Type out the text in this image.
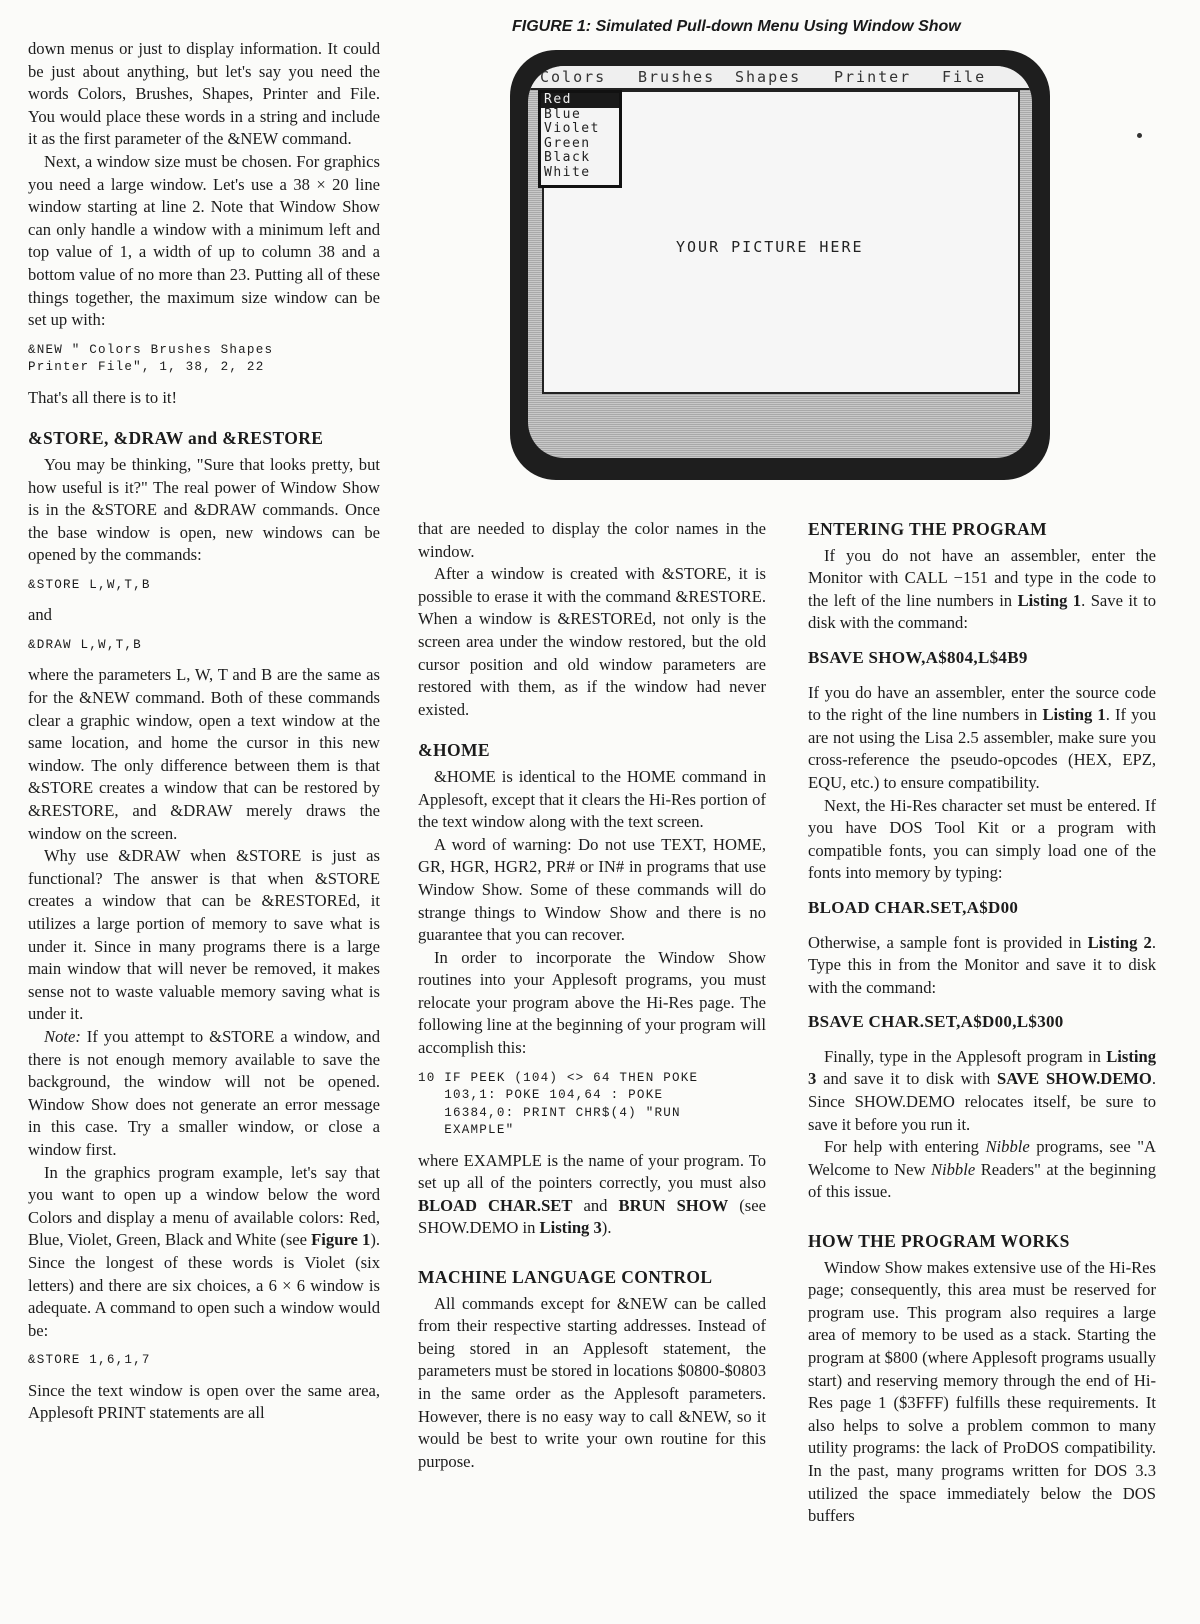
FIGURE 1: Simulated Pull-down Menu Using Window Show
Colors Brushes Shapes Printer File
YOUR PICTURE HERE
Red
Blue
Violet
Green
Black
White

down menus or just to display information. It could be just about anything, but let's say you need the words Colors, Brushes, Shapes, Printer and File. You would place these words in a string and include it as the first parameter of the &NEW command.

Next, a window size must be chosen. For graphics you need a large window. Let's use a 38 × 20 line window starting at line 2. Note that Window Show can only handle a window with a minimum left and top value of 1, a width of up to column 38 and a bottom value of no more than 23. Putting all of these things together, the maximum size window can be set up with:

&NEW " Colors Brushes Shapes
Printer File", 1, 38, 2, 22

That's all there is to it!

&STORE, &DRAW and &RESTORE

You may be thinking, "Sure that looks pretty, but how useful is it?" The real power of Window Show is in the &STORE and &DRAW commands. Once the base window is open, new windows can be opened by the commands:

&STORE L,W,T,B

and

&DRAW L,W,T,B

where the parameters L, W, T and B are the same as for the &NEW command. Both of these commands clear a graphic window, open a text window at the same location, and home the cursor in this new window. The only difference between them is that &STORE creates a window that can be restored by &RESTORE, and &DRAW merely draws the window on the screen.

Why use &DRAW when &STORE is just as functional? The answer is that when &STORE creates a window that can be &RESTOREd, it utilizes a large portion of memory to save what is under it. Since in many programs there is a large main window that will never be removed, it makes sense not to waste valuable memory saving what is under it.

Note: If you attempt to &STORE a window, and there is not enough memory available to save the background, the window will not be opened. Window Show does not generate an error message in this case. Try a smaller window, or close a window first.

In the graphics program example, let's say that you want to open up a window below the word Colors and display a menu of available colors: Red, Blue, Violet, Green, Black and White (see Figure 1). Since the longest of these words is Violet (six letters) and there are six choices, a 6 × 6 window is adequate. A command to open such a window would be:

&STORE 1,6,1,7

Since the text window is open over the same area, Applesoft PRINT statements are all

that are needed to display the color names in the window.

After a window is created with &STORE, it is possible to erase it with the command &RESTORE. When a window is &RESTOREd, not only is the screen area under the window restored, but the old cursor position and old window parameters are restored with them, as if the window had never existed.

&HOME

&HOME is identical to the HOME command in Applesoft, except that it clears the Hi-Res portion of the text window along with the text screen.

A word of warning: Do not use TEXT, HOME, GR, HGR, HGR2, PR# or IN# in programs that use Window Show. Some of these commands will do strange things to Window Show and there is no guarantee that you can recover.

In order to incorporate the Window Show routines into your Applesoft programs, you must relocate your program above the Hi-Res page. The following line at the beginning of your program will accomplish this:

10 IF PEEK (104) <> 64 THEN POKE
103,1: POKE 104,64 : POKE
16384,0: PRINT CHR$(4) "RUN
EXAMPLE"

where EXAMPLE is the name of your program. To set up all of the pointers correctly, you must also BLOAD CHAR.SET and BRUN SHOW (see SHOW.DEMO in Listing 3).

MACHINE LANGUAGE CONTROL

All commands except for &NEW can be called from their respective starting addresses. Instead of being stored in an Applesoft statement, the parameters must be stored in locations $0800-$0803 in the same order as the Applesoft parameters. However, there is no easy way to call &NEW, so it would be best to write your own routine for this purpose.

ENTERING THE PROGRAM

If you do not have an assembler, enter the Monitor with CALL −151 and type in the code to the left of the line numbers in Listing 1. Save it to disk with the command:

BSAVE SHOW,A$804,L$4B9

If you do have an assembler, enter the source code to the right of the line numbers in Listing 1. If you are not using the Lisa 2.5 assembler, make sure you cross-reference the pseudo-opcodes (HEX, EPZ, EQU, etc.) to ensure compatibility.

Next, the Hi-Res character set must be entered. If you have DOS Tool Kit or a program with compatible fonts, you can simply load one of the fonts into memory by typing:

BLOAD CHAR.SET,A$D00

Otherwise, a sample font is provided in Listing 2. Type this in from the Monitor and save it to disk with the command:

BSAVE CHAR.SET,A$D00,L$300

Finally, type in the Applesoft program in Listing 3 and save it to disk with SAVE SHOW.DEMO. Since SHOW.DEMO relocates itself, be sure to save it before you run it.

For help with entering Nibble programs, see "A Welcome to New Nibble Readers" at the beginning of this issue.

HOW THE PROGRAM WORKS

Window Show makes extensive use of the Hi-Res page; consequently, this area must be reserved for program use. This program also requires a large area of memory to be used as a stack. Starting the program at $800 (where Applesoft programs usually start) and reserving memory through the end of Hi-Res page 1 ($3FFF) fulfills these requirements. It also helps to solve a problem common to many utility programs: the lack of ProDOS compatibility. In the past, many programs written for DOS 3.3 utilized the space immediately below the DOS buffers
